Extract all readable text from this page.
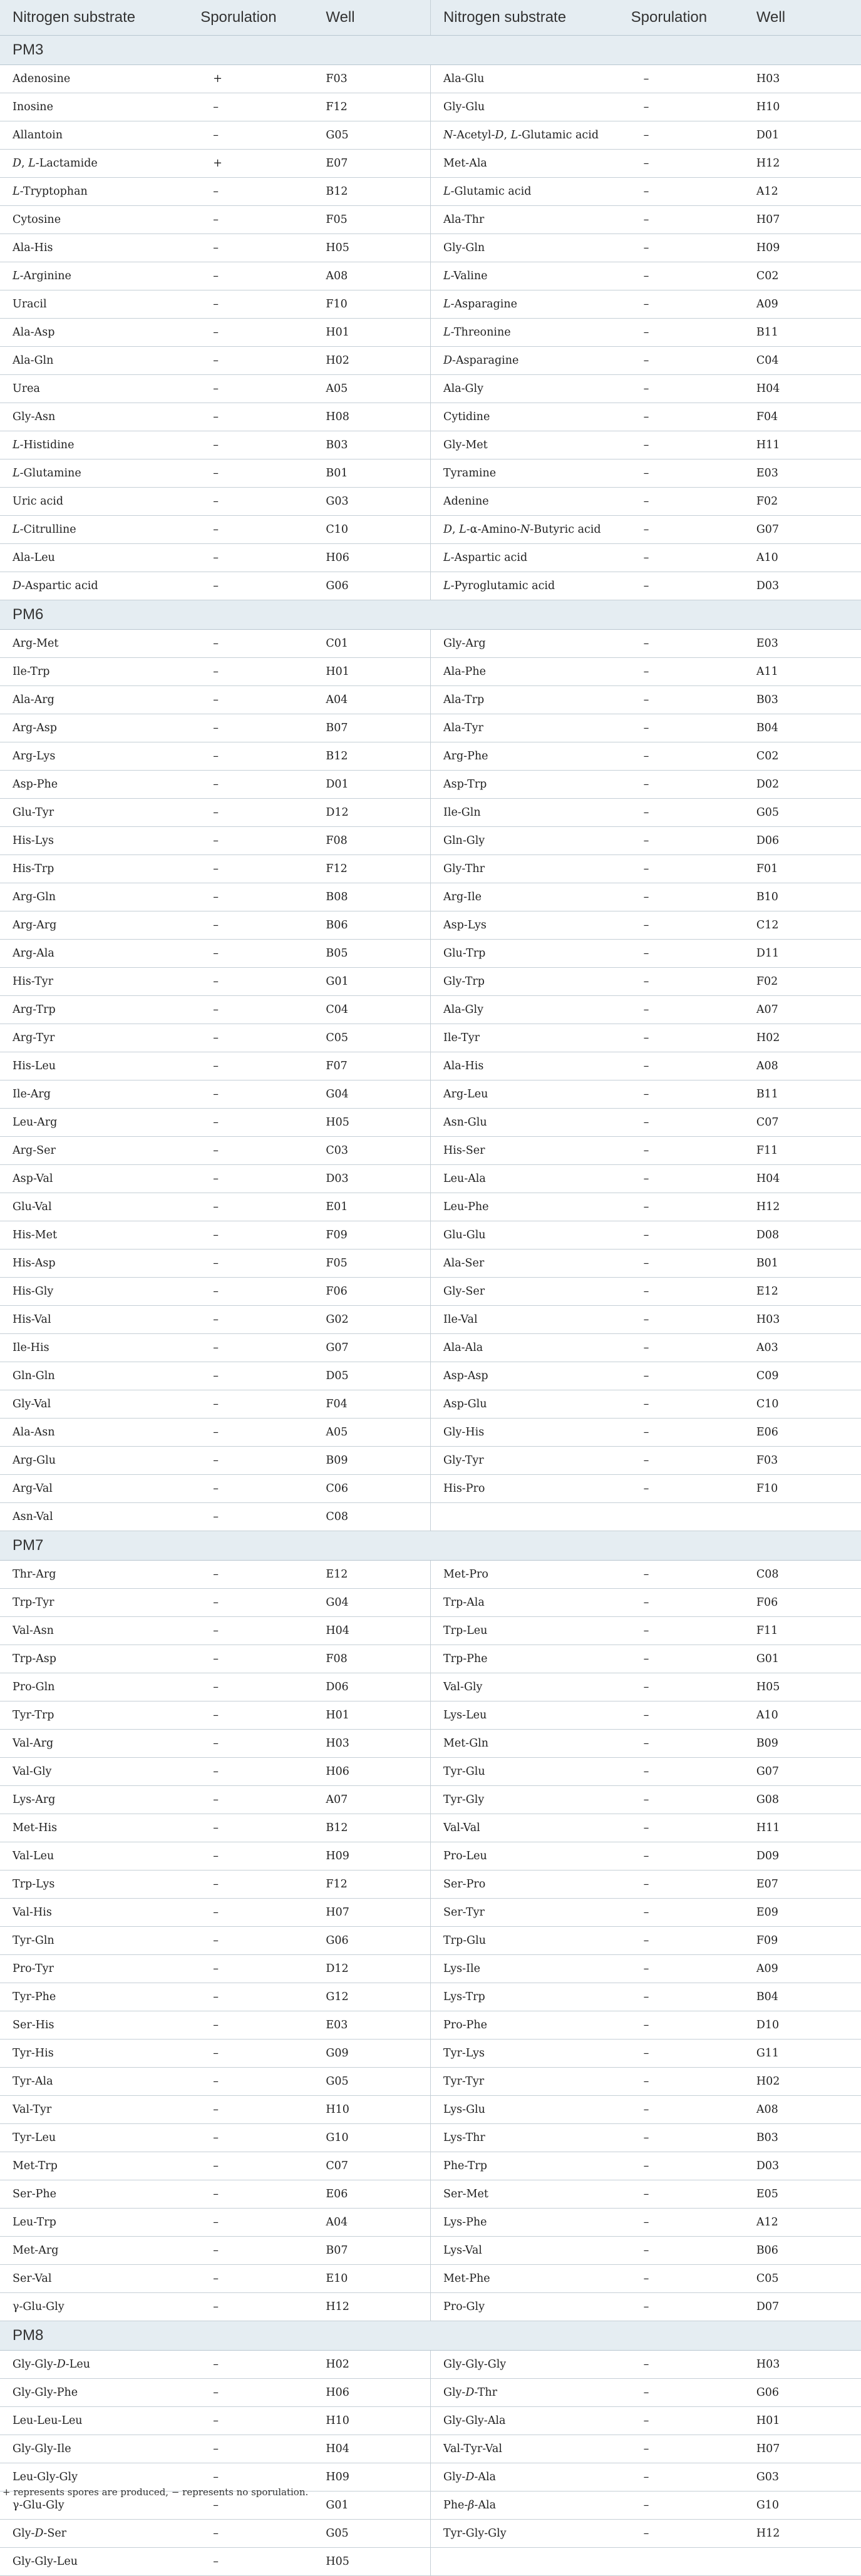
Nitrogen substrate	Sporulation	Well	Nitrogen substrate	Sporulation	Well
PM3					
Adenosine	+	F03	Ala-Glu	–	H03
Inosine	–	F12	Gly-Glu	–	H10
Allantoin	–	G05	N-Acetyl-D, L-Glutamic acid	–	D01
D, L-Lactamide	+	E07	Met-Ala	–	H12
L-Tryptophan	–	B12	L-Glutamic acid	–	A12
Cytosine	–	F05	Ala-Thr	–	H07
Ala-His	–	H05	Gly-Gln	–	H09
L-Arginine	–	A08	L-Valine	–	C02
Uracil	–	F10	L-Asparagine	–	A09
Ala-Asp	–	H01	L-Threonine	–	B11
Ala-Gln	–	H02	D-Asparagine	–	C04
Urea	–	A05	Ala-Gly	–	H04
Gly-Asn	–	H08	Cytidine	–	F04
L-Histidine	–	B03	Gly-Met	–	H11
L-Glutamine	–	B01	Tyramine	–	E03
Uric acid	–	G03	Adenine	–	F02
L-Citrulline	–	C10	D, L-α-Amino-N-Butyric acid	–	G07
Ala-Leu	–	H06	L-Aspartic acid	–	A10
D-Aspartic acid	–	G06	L-Pyroglutamic acid	–	D03
PM6					
Arg-Met	–	C01	Gly-Arg	–	E03
Ile-Trp	–	H01	Ala-Phe	–	A11
Ala-Arg	–	A04	Ala-Trp	–	B03
Arg-Asp	–	B07	Ala-Tyr	–	B04
Arg-Lys	–	B12	Arg-Phe	–	C02
Asp-Phe	–	D01	Asp-Trp	–	D02
Glu-Tyr	–	D12	Ile-Gln	–	G05
His-Lys	–	F08	Gln-Gly	–	D06
His-Trp	–	F12	Gly-Thr	–	F01
Arg-Gln	–	B08	Arg-Ile	–	B10
Arg-Arg	–	B06	Asp-Lys	–	C12
Arg-Ala	–	B05	Glu-Trp	–	D11
His-Tyr	–	G01	Gly-Trp	–	F02
Arg-Trp	–	C04	Ala-Gly	–	A07
Arg-Tyr	–	C05	Ile-Tyr	–	H02
His-Leu	–	F07	Ala-His	–	A08
Ile-Arg	–	G04	Arg-Leu	–	B11
Leu-Arg	–	H05	Asn-Glu	–	C07
Arg-Ser	–	C03	His-Ser	–	F11
Asp-Val	–	D03	Leu-Ala	–	H04
Glu-Val	–	E01	Leu-Phe	–	H12
His-Met	–	F09	Glu-Glu	–	D08
His-Asp	–	F05	Ala-Ser	–	B01
His-Gly	–	F06	Gly-Ser	–	E12
His-Val	–	G02	Ile-Val	–	H03
Ile-His	–	G07	Ala-Ala	–	A03
Gln-Gln	–	D05	Asp-Asp	–	C09
Gly-Val	–	F04	Asp-Glu	–	C10
Ala-Asn	–	A05	Gly-His	–	E06
Arg-Glu	–	B09	Gly-Tyr	–	F03
Arg-Val	–	C06	His-Pro	–	F10
Asn-Val	–	C08			
PM7					
Thr-Arg	–	E12	Met-Pro	–	C08
Trp-Tyr	–	G04	Trp-Ala	–	F06
Val-Asn	–	H04	Trp-Leu	–	F11
Trp-Asp	–	F08	Trp-Phe	–	G01
Pro-Gln	–	D06	Val-Gly	–	H05
Tyr-Trp	–	H01	Lys-Leu	–	A10
Val-Arg	–	H03	Met-Gln	–	B09
Val-Gly	–	H06	Tyr-Glu	–	G07
Lys-Arg	–	A07	Tyr-Gly	–	G08
Met-His	–	B12	Val-Val	–	H11
Val-Leu	–	H09	Pro-Leu	–	D09
Trp-Lys	–	F12	Ser-Pro	–	E07
Val-His	–	H07	Ser-Tyr	–	E09
Tyr-Gln	–	G06	Trp-Glu	–	F09
Pro-Tyr	–	D12	Lys-Ile	–	A09
Tyr-Phe	–	G12	Lys-Trp	–	B04
Ser-His	–	E03	Pro-Phe	–	D10
Tyr-His	–	G09	Tyr-Lys	–	G11
Tyr-Ala	–	G05	Tyr-Tyr	–	H02
Val-Tyr	–	H10	Lys-Glu	–	A08
Tyr-Leu	–	G10	Lys-Thr	–	B03
Met-Trp	–	C07	Phe-Trp	–	D03
Ser-Phe	–	E06	Ser-Met	–	E05
Leu-Trp	–	A04	Lys-Phe	–	A12
Met-Arg	–	B07	Lys-Val	–	B06
Ser-Val	–	E10	Met-Phe	–	C05
γ-Glu-Gly	–	H12	Pro-Gly	–	D07
PM8					
Gly-Gly-D-Leu	–	H02	Gly-Gly-Gly	–	H03
Gly-Gly-Phe	–	H06	Gly-D-Thr	–	G06
Leu-Leu-Leu	–	H10	Gly-Gly-Ala	–	H01
Gly-Gly-Ile	–	H04	Val-Tyr-Val	–	H07
Leu-Gly-Gly	–	H09	Gly-D-Ala	–	G03
γ-Glu-Gly	–	G01	Phe-β-Ala	–	G10
Gly-D-Ser	–	G05	Tyr-Gly-Gly	–	H12
Gly-Gly-Leu	–	H05			
+ represents spores are produced, − represents no sporulation.
